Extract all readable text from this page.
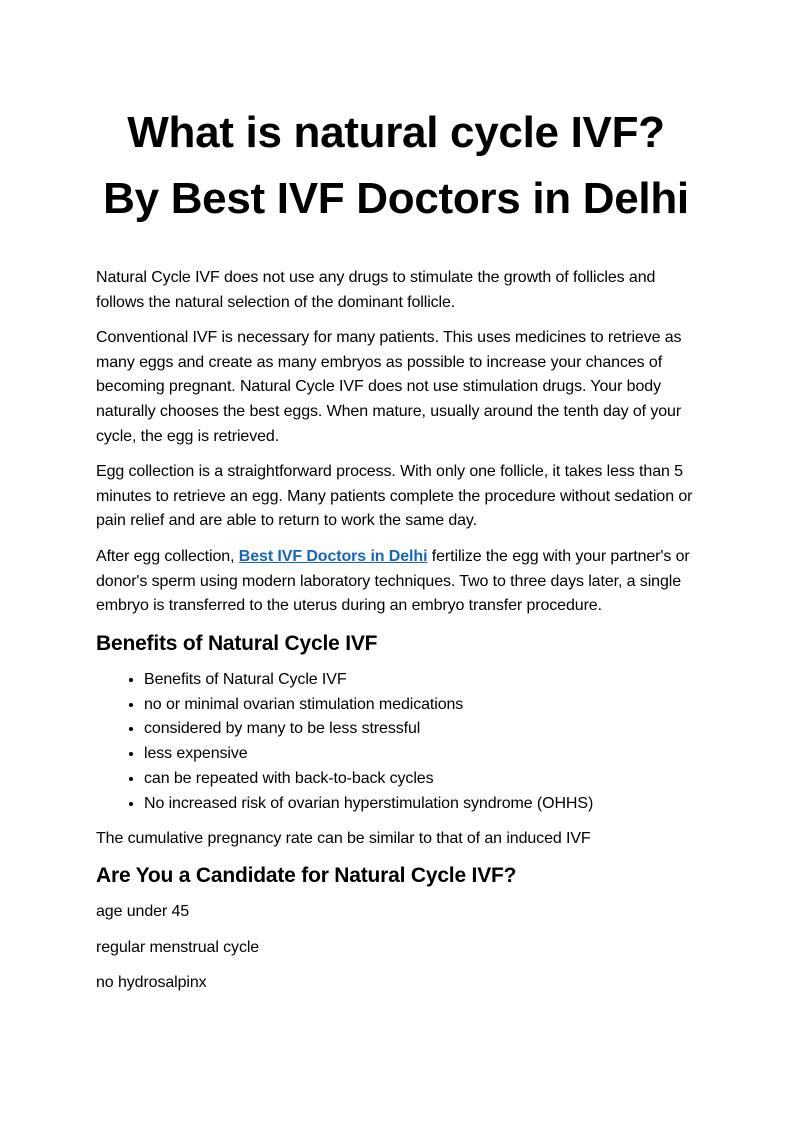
What is natural cycle IVF?
By Best IVF Doctors in Delhi

Natural Cycle IVF does not use any drugs to stimulate the growth of follicles and follows the natural selection of the dominant follicle.

Conventional IVF is necessary for many patients. This uses medicines to retrieve as many eggs and create as many embryos as possible to increase your chances of becoming pregnant. Natural Cycle IVF does not use stimulation drugs. Your body naturally chooses the best eggs. When mature, usually around the tenth day of your cycle, the egg is retrieved.

Egg collection is a straightforward process. With only one follicle, it takes less than 5 minutes to retrieve an egg. Many patients complete the procedure without sedation or pain relief and are able to return to work the same day.

After egg collection, Best IVF Doctors in Delhi fertilize the egg with your partner's or donor's sperm using modern laboratory techniques. Two to three days later, a single embryo is transferred to the uterus during an embryo transfer procedure.

Benefits of Natural Cycle IVF
• Benefits of Natural Cycle IVF
• no or minimal ovarian stimulation medications
• considered by many to be less stressful
• less expensive
• can be repeated with back-to-back cycles
• No increased risk of ovarian hyperstimulation syndrome (OHHS)

The cumulative pregnancy rate can be similar to that of an induced IVF

Are You a Candidate for Natural Cycle IVF?

age under 45

regular menstrual cycle

no hydrosalpinx
